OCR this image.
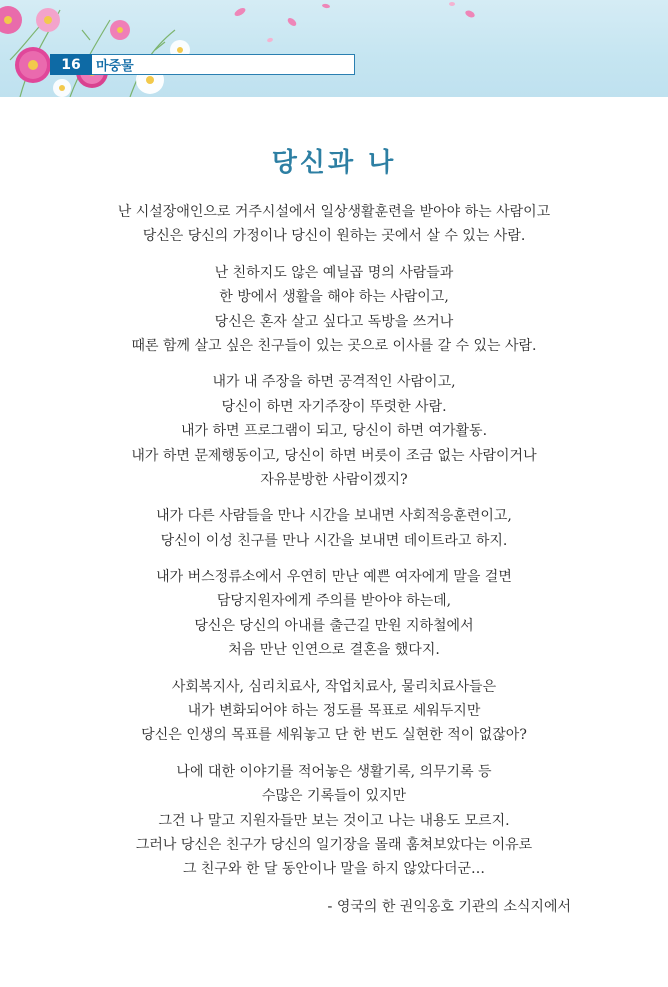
16	마중물
당신과 나
난 시설장애인으로 거주시설에서 일상생활훈련을 받아야 하는 사람이고
당신은 당신의 가정이나 당신이 원하는 곳에서 살 수 있는 사람.
난 친하지도 않은 예닐곱 명의 사람들과
한 방에서 생활을 해야 하는 사람이고,
당신은 혼자 살고 싶다고 독방을 쓰거나
때론 함께 살고 싶은 친구들이 있는 곳으로 이사를 갈 수 있는 사람.
내가 내 주장을 하면 공격적인 사람이고,
당신이 하면 자기주장이 뚜렷한 사람.
내가 하면 프로그램이 되고, 당신이 하면 여가활동.
내가 하면 문제행동이고, 당신이 하면 버릇이 조금 없는 사람이거나
자유분방한 사람이겠지?
내가 다른 사람들을 만나 시간을 보내면 사회적응훈련이고,
당신이 이성 친구를 만나 시간을 보내면 데이트라고 하지.
내가 버스정류소에서 우연히 만난 예쁜 여자에게 말을 걸면
담당지원자에게 주의를 받아야 하는데,
당신은 당신의 아내를 출근길 만원 지하철에서
처음 만난 인연으로 결혼을 했다지.
사회복지사, 심리치료사, 작업치료사, 물리치료사들은
내가 변화되어야 하는 정도를 목표로 세워두지만
당신은 인생의 목표를 세워놓고 단 한 번도 실현한 적이 없잖아?
나에 대한 이야기를 적어놓은 생활기록, 의무기록 등
수많은 기록들이 있지만
그건 나 말고 지원자들만 보는 것이고 나는 내용도 모르지.
그러나 당신은 친구가 당신의 일기장을 몰래 훔쳐보았다는 이유로
그 친구와 한 달 동안이나 말을 하지 않았다더군…
- 영국의 한 권익옹호 기관의 소식지에서
